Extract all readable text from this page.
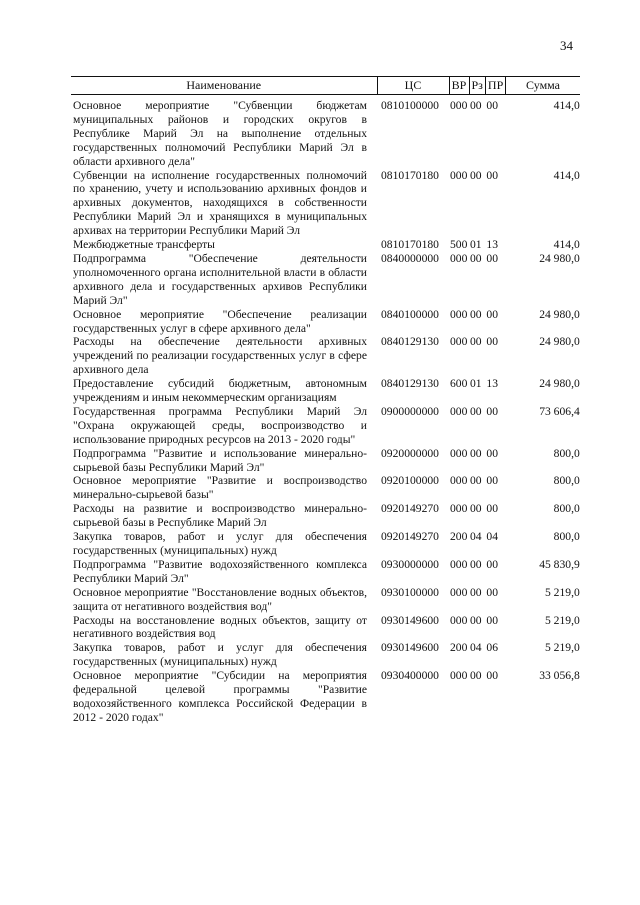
34
Наименование	ЦС	ВР	Рз	ПР	Сумма
Основное мероприятие "Субвенции бюджетам муниципальных районов и городских округов в Республике Марий Эл на выполнение отдельных государственных полномочий Республики Марий Эл в области архивного дела"	0810100000	000	00	00	414,0
Субвенции на исполнение государственных полномочий по хранению, учету и использованию архивных фондов и архивных документов, находящихся в собственности Республики Марий Эл и хранящихся в муниципальных архивах на территории Республики Марий Эл	0810170180	000	00	00	414,0
Межбюджетные трансферты	0810170180	500	01	13	414,0
Подпрограмма "Обеспечение деятельности уполномоченного органа исполнительной власти в области архивного дела и государственных архивов Республики Марий Эл"	0840000000	000	00	00	24 980,0
Основное мероприятие "Обеспечение реализации государственных услуг в сфере архивного дела"	0840100000	000	00	00	24 980,0
Расходы на обеспечение деятельности архивных учреждений по реализации государственных услуг в сфере архивного дела	0840129130	000	00	00	24 980,0
Предоставление субсидий бюджетным, автономным учреждениям и иным некоммерческим организациям	0840129130	600	01	13	24 980,0
Государственная программа Республики Марий Эл "Охрана окружающей среды, воспроизводство и использование природных ресурсов на 2013 - 2020 годы"	0900000000	000	00	00	73 606,4
Подпрограмма "Развитие и использование минерально-сырьевой базы Республики Марий Эл"	0920000000	000	00	00	800,0
Основное мероприятие "Развитие и воспроизводство минерально-сырьевой базы"	0920100000	000	00	00	800,0
Расходы на развитие и воспроизводство минерально-сырьевой базы в Республике Марий Эл	0920149270	000	00	00	800,0
Закупка товаров, работ и услуг для обеспечения государственных (муниципальных) нужд	0920149270	200	04	04	800,0
Подпрограмма "Развитие водохозяйственного комплекса Республики Марий Эл"	0930000000	000	00	00	45 830,9
Основное мероприятие "Восстановление водных объектов, защита от негативного воздействия вод"	0930100000	000	00	00	5 219,0
Расходы на восстановление водных объектов, защиту от негативного воздействия вод	0930149600	000	00	00	5 219,0
Закупка товаров, работ и услуг для обеспечения государственных (муниципальных) нужд	0930149600	200	04	06	5 219,0
Основное мероприятие "Субсидии на мероприятия федеральной целевой программы "Развитие водохозяйственного комплекса Российской Федерации в 2012 - 2020 годах"	0930400000	000	00	00	33 056,8
